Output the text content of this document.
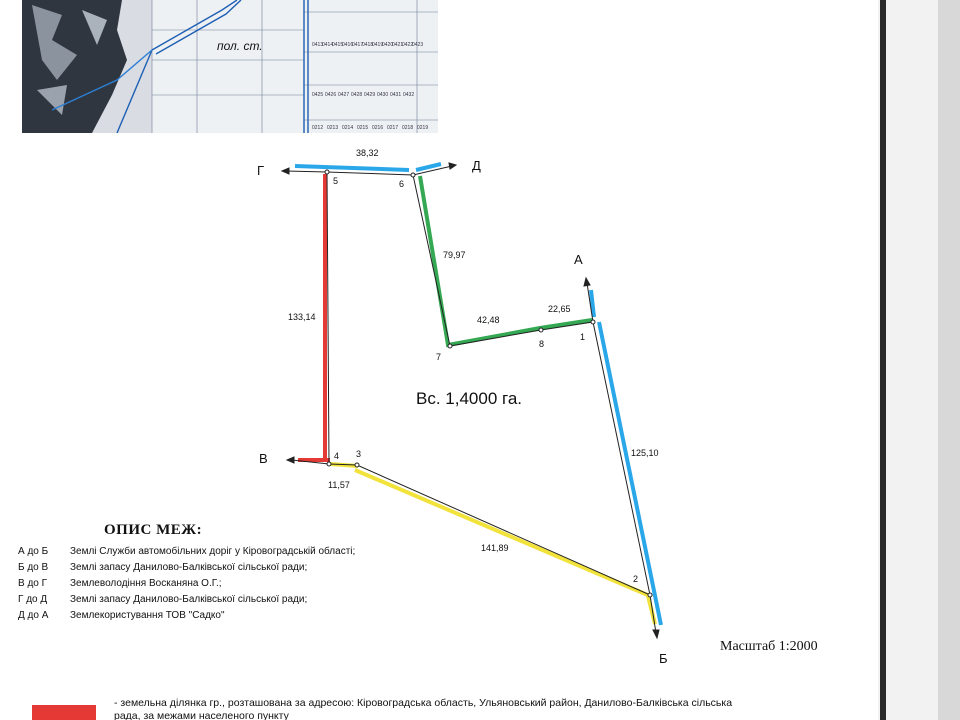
пол. ст.	0413
0414
0415
0416
0417
0418
0419
0420
0421
0422
0423
0425 0426 0427 0428 0429 0430 0431 0432
0212 0213 0214 0215 0216 0217 0218 0219
Г	Д
А
Б
В
1
2
3
4
5	6
7
8
38,32
79,97
42,48
22,65
125,10
141,89
11,57
133,14
Вс. 1,4000 га.
ОПИС МЕЖ:
А до Б	Землі Служби автомобільних доріг у Кіровоградській області;
Б до В	Землі запасу Данилово-Балківської сільської ради;
В до Г	Землеволодіння Восканяна О.Г.;
Г до Д	Землі запасу Данилово-Балківської сільської ради;
Д до А	Землекористування ТОВ "Садко"
Масштаб 1:2000
- земельна ділянка гр., розташована за адресою: Кіровоградська область, Ульяновський район, Данилово-Балківська сільська
рада, за межами населеного пункту
